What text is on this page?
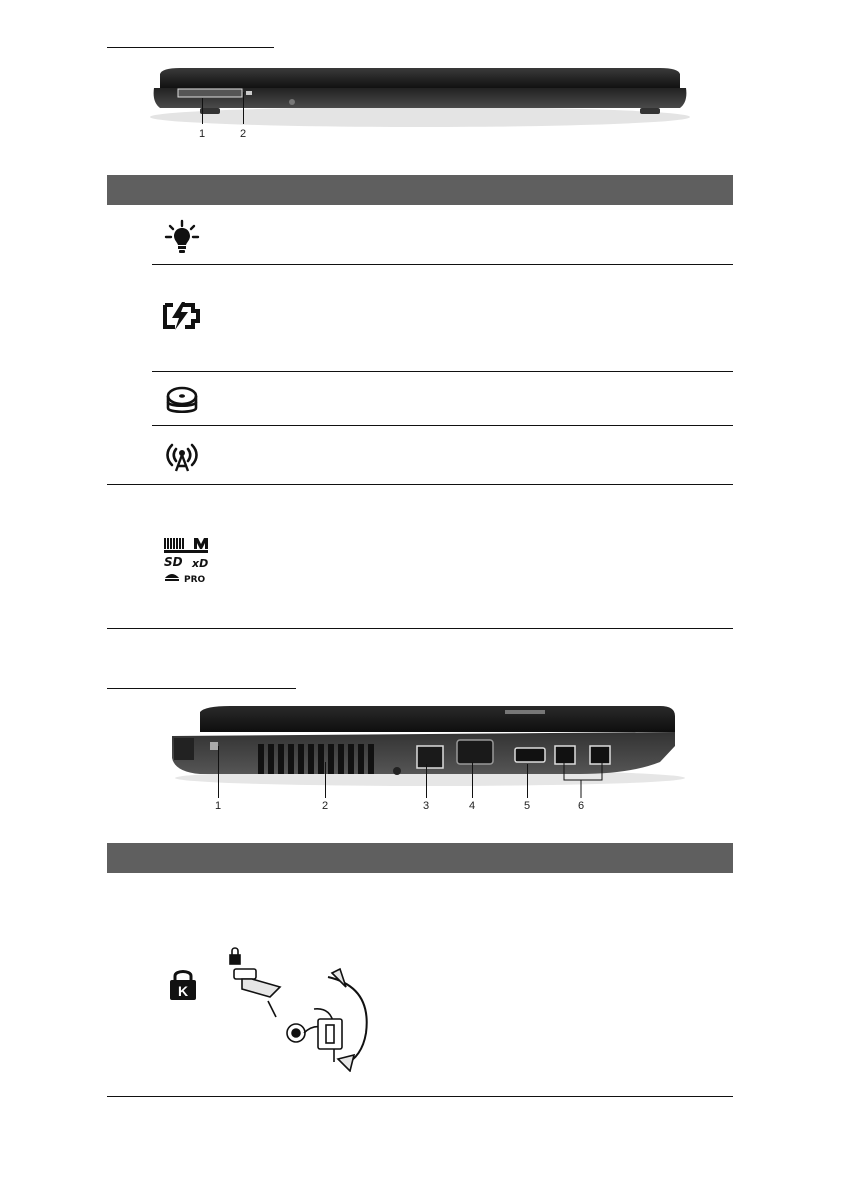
1	2
SD xD
PRO
1	2	3	4	5	6
K
